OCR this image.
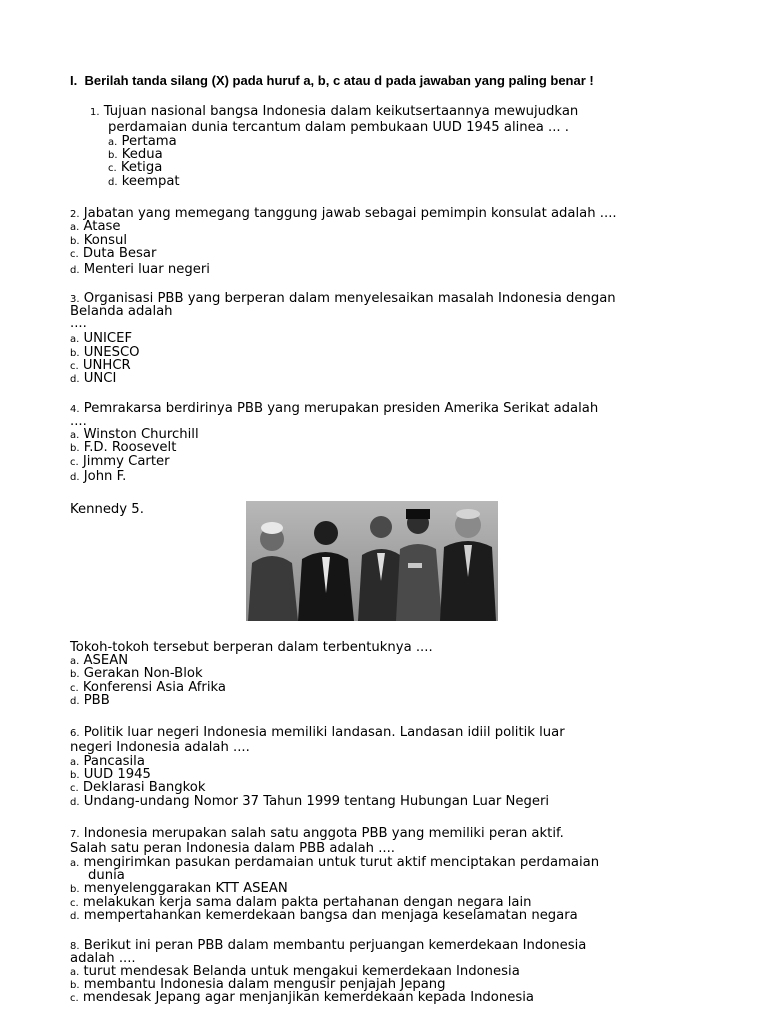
I. Berilah tanda silang (X) pada huruf a, b, c atau d pada jawaban yang paling benar !
1. Tujuan nasional bangsa Indonesia dalam keikutsertaannya mewujudkan
perdamaian dunia tercantum dalam pembukaan UUD 1945 alinea ... .
a. Pertama
b. Kedua
c. Ketiga
d. keempat
2. Jabatan yang memegang tanggung jawab sebagai pemimpin konsulat adalah ....
a. Atase
b. Konsul
c. Duta Besar
d. Menteri luar negeri
3. Organisasi PBB yang berperan dalam menyelesaikan masalah Indonesia dengan
Belanda adalah
....
a. UNICEF
b. UNESCO
c. UNHCR
d. UNCI
4. Pemrakarsa berdirinya PBB yang merupakan presiden Amerika Serikat adalah
....
a. Winston Churchill
b. F.D. Roosevelt
c. Jimmy Carter
d. John F.
Kennedy 5.
Tokoh-tokoh tersebut berperan dalam terbentuknya ....
a. ASEAN
b. Gerakan Non-Blok
c. Konferensi Asia Afrika
d. PBB
6. Politik luar negeri Indonesia memiliki landasan. Landasan idiil politik luar
negeri Indonesia adalah ....
a. Pancasila
b. UUD 1945
c. Deklarasi Bangkok
d. Undang-undang Nomor 37 Tahun 1999 tentang Hubungan Luar Negeri
7. Indonesia merupakan salah satu anggota PBB yang memiliki peran aktif.
Salah satu peran Indonesia dalam PBB adalah ....
a. mengirimkan pasukan perdamaian untuk turut aktif menciptakan perdamaian
dunia
b. menyelenggarakan KTT ASEAN
c. melakukan kerja sama dalam pakta pertahanan dengan negara lain
d. mempertahankan kemerdekaan bangsa dan menjaga keselamatan negara
8. Berikut ini peran PBB dalam membantu perjuangan kemerdekaan Indonesia
adalah ....
a. turut mendesak Belanda untuk mengakui kemerdekaan Indonesia
b. membantu Indonesia dalam mengusir penjajah Jepang
c. mendesak Jepang agar menjanjikan kemerdekaan kepada Indonesia
